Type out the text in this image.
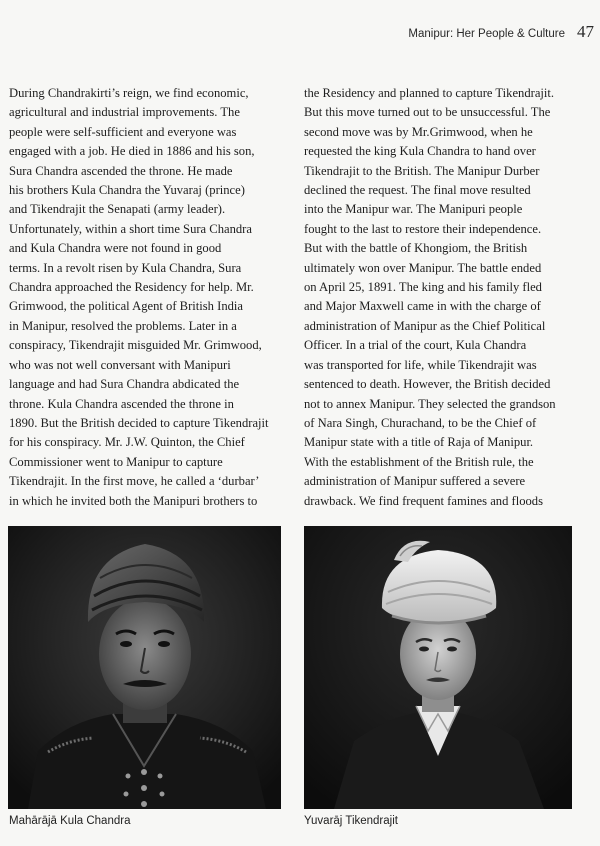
Manipur: Her People & Culture 47
During Chandrakirti’s reign, we find economic,
agricultural and industrial improvements. The
people were self-sufficient and everyone was
engaged with a job. He died in 1886 and his son,
Sura Chandra ascended the throne. He made
his brothers Kula Chandra the Yuvaraj (prince)
and Tikendrajit the Senapati (army leader).
Unfortunately, within a short time Sura Chandra
and Kula Chandra were not found in good
terms. In a revolt risen by Kula Chandra, Sura
Chandra approached the Residency for help. Mr.
Grimwood, the political Agent of British India
in Manipur, resolved the problems. Later in a
conspiracy, Tikendrajit misguided Mr. Grimwood,
who was not well conversant with Manipuri
language and had Sura Chandra abdicated the
throne. Kula Chandra ascended the throne in
1890. But the British decided to capture Tikendrajit
for his conspiracy. Mr. J.W. Quinton, the Chief
Commissioner went to Manipur to capture
Tikendrajit. In the first move, he called a ‘durbar’
in which he invited both the Manipuri brothers to
the Residency and planned to capture Tikendrajit.
But this move turned out to be unsuccessful. The
second move was by Mr.Grimwood, when he
requested the king Kula Chandra to hand over
Tikendrajit to the British. The Manipur Durber
declined the request. The final move resulted
into the Manipur war. The Manipuri people
fought to the last to restore their independence.
But with the battle of Khongiom, the British
ultimately won over Manipur. The battle ended
on April 25, 1891. The king and his family fled
and Major Maxwell came in with the charge of
administration of Manipur as the Chief Political
Officer. In a trial of the court, Kula Chandra
was transported for life, while Tikendrajit was
sentenced to death. However, the British decided
not to annex Manipur. They selected the grandson
of Nara Singh, Churachand, to be the Chief of
Manipur state with a title of Raja of Manipur.
With the establishment of the British rule, the
administration of Manipur suffered a severe
drawback. We find frequent famines and floods
Mahārājā Kula Chandra	Yuvarāj Tikendrajit
